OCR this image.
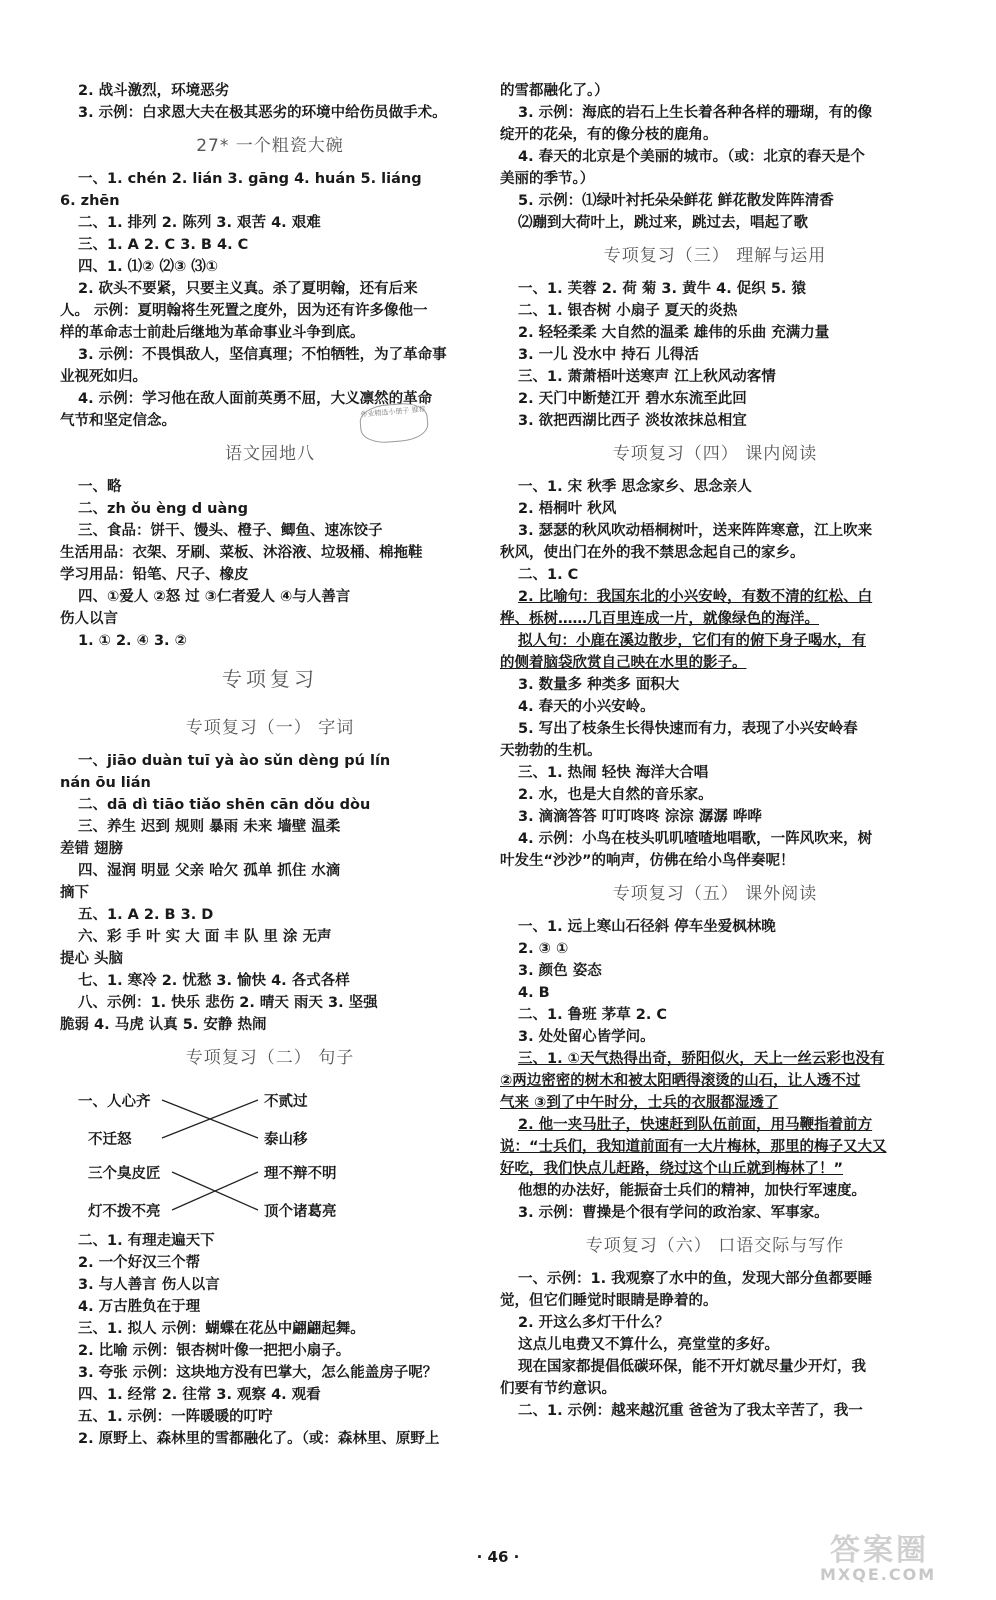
2. 战斗激烈，环境恶劣
3. 示例：白求恩大夫在极其恶劣的环境中给伤员做手术。
27* 一个粗瓷大碗
一、1. chén 2. lián 3. gāng 4. huán 5. liáng
6. zhēn
二、1. 排列 2. 陈列 3. 艰苦 4. 艰难
三、1. A 2. C 3. B 4. C
四、1. ⑴② ⑵③ ⑶①
2. 砍头不要紧，只要主义真。杀了夏明翰，还有后来
人。 示例：夏明翰将生死置之度外，因为还有许多像他一
样的革命志士前赴后继地为革命事业斗争到底。
3. 示例：不畏惧敌人，坚信真理；不怕牺牲，为了革命事
业视死如归。
4. 示例：学习他在敌人面前英勇不屈，大义凛然的革命
气节和坚定信念。
语文园地八
一、略
二、zh ǒu èng d uàng
三、食品：饼干、馒头、橙子、鲫鱼、速冻饺子
生活用品：衣架、牙刷、菜板、沐浴液、垃圾桶、棉拖鞋
学习用品：铅笔、尺子、橡皮
四、①爱人 ②怒 过 ③仁者爱人 ④与人善言
伤人以言
1. ① 2. ④ 3. ②
专项复习
专项复习（一） 字词
一、jiāo duàn tuī yà ào sǔn dèng pú lín
nán ōu lián
二、dā dì tiāo tiǎo shēn cān dǒu dòu
三、养生 迟到 规则 暴雨 未来 墙壁 温柔
差错 翅膀
四、湿润 明显 父亲 哈欠 孤单 抓住 水滴
摘下
五、1. A 2. B 3. D
六、彩 手 叶 实 大 面 丰 队 里 涂 无声
提心 头脑
七、1. 寒冷 2. 忧愁 3. 愉快 4. 各式各样
八、示例：1. 快乐 悲伤 2. 晴天 雨天 3. 坚强
脆弱 4. 马虎 认真 5. 安静 热闹
专项复习（二） 句子
一、人心齐
不迁怒
三个臭皮匠
灯不拨不亮
不贰过
泰山移
理不辩不明
顶个诸葛亮
二、1. 有理走遍天下
2. 一个好汉三个帮
3. 与人善言 伤人以言
4. 万古胜负在于理
三、1. 拟人 示例：蝴蝶在花丛中翩翩起舞。
2. 比喻 示例：银杏树叶像一把把小扇子。
3. 夸张 示例：这块地方没有巴掌大，怎么能盖房子呢？
四、1. 经常 2. 往常 3. 观察 4. 观看
五、1. 示例：一阵暖暖的叮咛
2. 原野上、森林里的雪都融化了。（或：森林里、原野上
作业精选小册子 推荐
的雪都融化了。）
3. 示例：海底的岩石上生长着各种各样的珊瑚，有的像
绽开的花朵，有的像分枝的鹿角。
4. 春天的北京是个美丽的城市。（或：北京的春天是个
美丽的季节。）
5. 示例：⑴绿叶衬托朵朵鲜花 鲜花散发阵阵清香
⑵蹦到大荷叶上，跳过来，跳过去，唱起了歌
专项复习（三） 理解与运用
一、1. 芙蓉 2. 荷 菊 3. 黄牛 4. 促织 5. 猿
二、1. 银杏树 小扇子 夏天的炎热
2. 轻轻柔柔 大自然的温柔 雄伟的乐曲 充满力量
3. 一儿 没水中 持石 儿得活
三、1. 萧萧梧叶送寒声 江上秋风动客情
2. 天门中断楚江开 碧水东流至此回
3. 欲把西湖比西子 淡妆浓抹总相宜
专项复习（四） 课内阅读
一、1. 宋 秋季 思念家乡、思念亲人
2. 梧桐叶 秋风
3. 瑟瑟的秋风吹动梧桐树叶，送来阵阵寒意，江上吹来
秋风，使出门在外的我不禁思念起自己的家乡。
二、1. C
2. 比喻句：我国东北的小兴安岭，有数不清的红松、白
桦、栎树……几百里连成一片，就像绿色的海洋。
拟人句：小鹿在溪边散步，它们有的俯下身子喝水，有
的侧着脑袋欣赏自己映在水里的影子。
3. 数量多 种类多 面积大
4. 春天的小兴安岭。
5. 写出了枝条生长得快速而有力，表现了小兴安岭春
天勃勃的生机。
三、1. 热闹 轻快 海洋大合唱
2. 水，也是大自然的音乐家。
3. 滴滴答答 叮叮咚咚 淙淙 潺潺 哗哗
4. 示例：小鸟在枝头叽叽喳喳地唱歌，一阵风吹来，树
叶发生“沙沙”的响声，仿佛在给小鸟伴奏呢！
专项复习（五） 课外阅读
一、1. 远上寒山石径斜 停车坐爱枫林晚
2. ③ ①
3. 颜色 姿态
4. B
二、1. 鲁班 茅草 2. C
3. 处处留心皆学问。
三、1. ①天气热得出奇，骄阳似火，天上一丝云彩也没有
②两边密密的树木和被太阳晒得滚烫的山石，让人透不过
气来 ③到了中午时分，士兵的衣服都湿透了
2. 他一夹马肚子，快速赶到队伍前面，用马鞭指着前方
说：“士兵们，我知道前面有一大片梅林，那里的梅子又大又
好吃，我们快点儿赶路，绕过这个山丘就到梅林了！”
他想的办法好，能振奋士兵们的精神，加快行军速度。
3. 示例：曹操是个很有学问的政治家、军事家。
专项复习（六） 口语交际与写作
一、示例：1. 我观察了水中的鱼，发现大部分鱼都要睡
觉，但它们睡觉时眼睛是睁着的。
2. 开这么多灯干什么？
这点儿电费又不算什么，亮堂堂的多好。
现在国家都提倡低碳环保，能不开灯就尽量少开灯，我
们要有节约意识。
二、1. 示例：越来越沉重 爸爸为了我太辛苦了，我一
· 46 ·	答案圈
MXQE.COM
